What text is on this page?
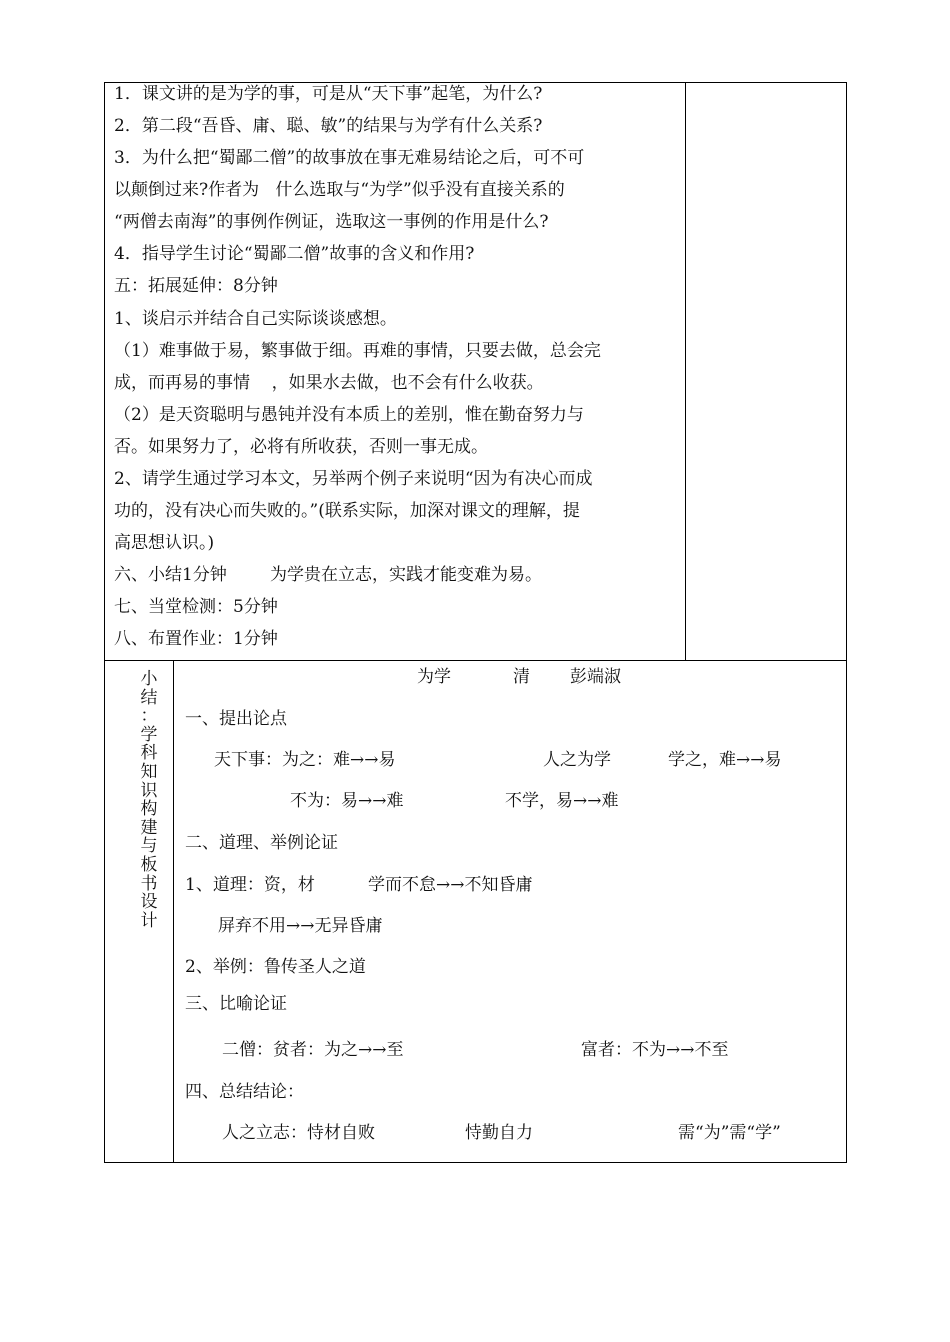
1．课文讲的是为学的事，可是从“天下事”起笔，为什么?
2．第二段“吾昏、庸、聪、敏”的结果与为学有什么关系?
3．为什么把“蜀鄙二僧”的故事放在事无难易结论之后，可不可
以颠倒过来?作者为   什么选取与“为学”似乎没有直接关系的
“两僧去南海”的事例作例证，选取这一事例的作用是什么?
4．指导学生讨论“蜀鄙二僧”故事的含义和作用?
五：拓展延伸：8分钟
1、谈启示并结合自己实际谈谈感想。
（1）难事做于易，繁事做于细。再难的事情，只要去做，总会完
成，而再易的事情    ，如果水去做，也不会有什么收获。
（2）是天资聪明与愚钝并没有本质上的差别，惟在勤奋努力与
否。如果努力了，必将有所收获，否则一事无成。
2、请学生通过学习本文，另举两个例子来说明“因为有决心而成
功的，没有决心而失败的。”(联系实际，加深对课文的理解，提
高思想认识。)
六、小结1分钟        为学贵在立志，实践才能变难为易。
七、当堂检测：5分钟
八、布置作业：1分钟
小
结
：
学
科
知
识
构
建
与
板
书
设
计
为学	清 彭端淑
一、提出论点
天下事：为之：难→→易	人之为学	学之，难→→易
不为：易→→难	不学，易→→难
二、道理、举例论证
1、道理：资，材	学而不怠→→不知昏庸
屏弃不用→→无异昏庸
2、举例：鲁传圣人之道
三、比喻论证
二僧：贫者：为之→→至	富者：不为→→不至
四、总结结论：
人之立志：恃材自败	恃勤自力	需“为”需“学”
